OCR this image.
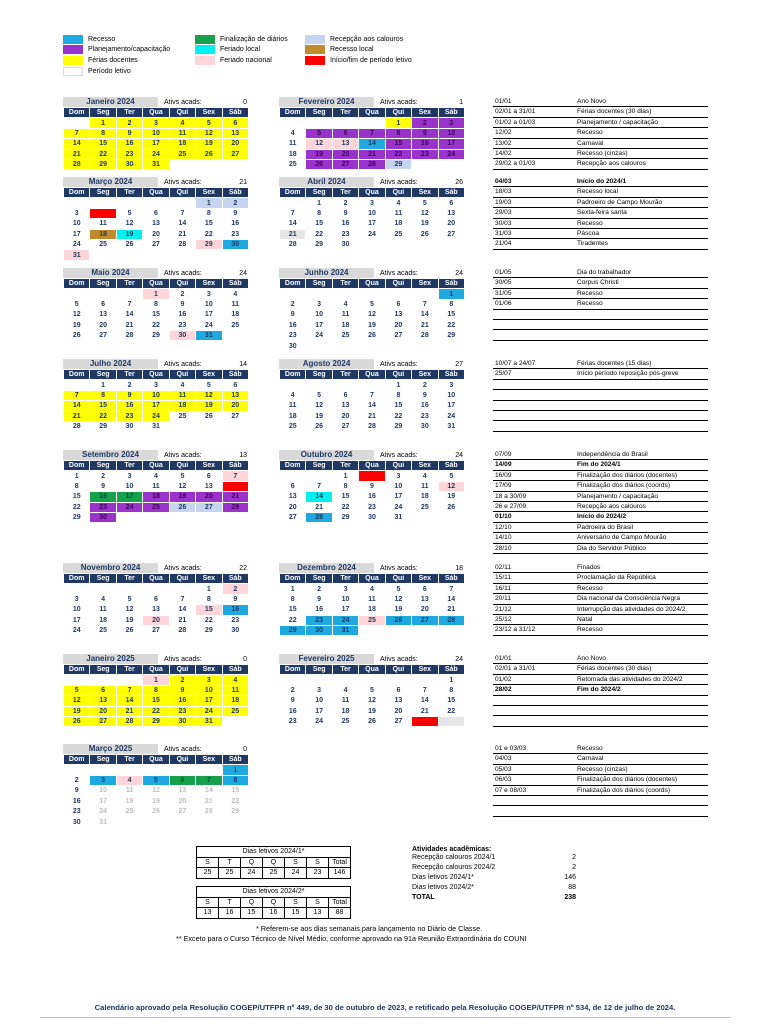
Recesso
Planejamento/capacitação
Férias docentes
Período letivo
Finalização de diários
Feriado local
Feriado nacional
Recepção aos calouros
Recesso local
Início/fim de período letivo
Janeiro 2024	Ativs acads:	0
Dom	Seg	Ter	Qua	Qui	Sex	Sáb
	1	2	3	4	5	6
7	8	9	10	11	12	13
14	15	16	17	18	19	20
21	22	23	24	25	26	27
28	29	30	31			
Fevereiro 2024	Ativs acads:	1
Dom	Seg	Ter	Qua	Qui	Sex	Sáb
				1	2	3
4	5	6	7	8	9	10
11	12	13	14	15	16	17
18	19	20	21	22	23	24
25	26	27	28	29		
Março 2024	Ativs acads:	21
Dom	Seg	Ter	Qua	Qui	Sex	Sáb
					1	2
3	4	5	6	7	8	9
10	11	12	13	14	15	16
17	18	19	20	21	22	23
24	25	26	27	28	29	30
31						
Abril 2024	Ativs acads:	26
Dom	Seg	Ter	Qua	Qui	Sex	Sáb
	1	2	3	4	5	6
7	8	9	10	11	12	13
14	15	16	17	18	19	20
21	22	23	24	25	26	27
28	29	30				
Maio 2024	Ativs acads:	24
Dom	Seg	Ter	Qua	Qui	Sex	Sáb
			1	2	3	4
5	6	7	8	9	10	11
12	13	14	15	16	17	18
19	20	21	22	23	24	25
26	27	28	29	30	31	
Junho 2024	Ativs acads:	24
Dom	Seg	Ter	Qua	Qui	Sex	Sáb
						1
2	3	4	5	6	7	8
9	10	11	12	13	14	15
16	17	18	19	20	21	22
23	24	25	26	27	28	29
30						
Julho 2024	Ativs acads:	14
Dom	Seg	Ter	Qua	Qui	Sex	Sáb
	1	2	3	4	5	6
7	8	9	10	11	12	13
14	15	16	17	18	19	20
21	22	23	24	25	26	27
28	29	30	31			
Agosto 2024	Ativs acads:	27
Dom	Seg	Ter	Qua	Qui	Sex	Sáb
				1	2	3
4	5	6	7	8	9	10
11	12	13	14	15	16	17
18	19	20	21	22	23	24
25	26	27	28	29	30	31
Setembro 2024	Ativs acads:	13
Dom	Seg	Ter	Qua	Qui	Sex	Sáb
1	2	3	4	5	6	7
8	9	10	11	12	13	14
15	16	17	18	19	20	21
22	23	24	25	26	27	28
29	30					
Outubro 2024	Ativs acads:	24
Dom	Seg	Ter	Qua	Qui	Sex	Sáb
		1	2	3	4	5
6	7	8	9	10	11	12
13	14	15	16	17	18	19
20	21	22	23	24	25	26
27	28	29	30	31		
Novembro 2024	Ativs acads:	22
Dom	Seg	Ter	Qua	Qui	Sex	Sáb
					1	2
3	4	5	6	7	8	9
10	11	12	13	14	15	16
17	18	19	20	21	22	23
24	25	26	27	28	29	30
Dezembro 2024	Ativs acads:	18
Dom	Seg	Ter	Qua	Qui	Sex	Sáb
1	2	3	4	5	6	7
8	9	10	11	12	13	14
15	16	17	18	19	20	21
22	23	24	25	26	27	28
29	30	31				
Janeiro 2025	Ativs acads:	0
Dom	Seg	Ter	Qua	Qui	Sex	Sáb
			1	2	3	4
5	6	7	8	9	10	11
12	13	14	15	16	17	18
19	20	21	22	23	24	25
26	27	28	29	30	31	
Fevereiro 2025	Ativs acads:	24
Dom	Seg	Ter	Qua	Qui	Sex	Sáb
						1
2	3	4	5	6	7	8
9	10	11	12	13	14	15
16	17	18	19	20	21	22
23	24	25	26	27	28	
Março 2025	Ativs acads:	0
Dom	Seg	Ter	Qua	Qui	Sex	Sáb
						1
2	3	4	5	6	7	8
9	10	11	12	13	14	15
16	17	18	19	20	21	22
23	24	25	26	27	28	29
30	31					
01/01	Ano Novo
02/01 a 31/01	Férias docentes (30 dias)
01/02 a 01/03	Planejamento / capacitação
12/02	Recesso
13/02	Carnaval
14/02	Recesso (cinzas)
29/02 a 01/03	Recepção aos calouros
04/03	Início do 2024/1
18/03	Recesso local
19/03	Padroeiro de Campo Mourão
29/03	Sexta-feira santa
30/03	Recesso
31/03	Páscoa
21/04	Tiradentes
01/05	Dia do trabalhador
30/05	Corpus Christi
31/05	Recesso
01/06	Recesso
10/07 a 24/07	Férias docentes (15 dias)
25/07	Início período reposição pós-greve
07/09	Independência do Brasil
14/09	Fim do 2024/1
16/09	Finalização dos diários (docentes)
17/09	Finalização dos diários (coords)
18 a 30/09	Planejamento / capacitação
26 e 27/09	Recepção aos calouros
01/10	Início do 2024/2
12/10	Padroeira do Brasil
14/10	Aniversário de Campo Mourão
28/10	Dia do Servidor Público
02/11	Finados
15/11	Proclamação da República
16/11	Recesso
20/11	Dia nacional da Consciência Negra
21/12	Interrupção das atividades do 2024/2
25/12	Natal
23/12 a 31/12	Recesso
01/01	Ano Novo
02/01 a 31/01	Férias docentes (30 dias)
01/02	Retomada das atividades do 2024/2
28/02	Fim do 2024/2
01 e 03/03	Recesso
04/03	Carnaval
05/03	Recesso (cinzas)
06/03	Finalização dos diários (docentes)
07 e 08/03	Finalização dos diários (coords)
Dias letivos 2024/1*						
S	T	Q	Q	S	S	Total
25	25	24	25	24	23	146
Dias letivos 2024/2*						
S	T	Q	Q	S	S	Total
13	16	15	16	15	13	88
Atividades acadêmicas:
Recepção calouros 2024/1	2
Recepção calouros 2024/2	2
Dias letivos 2024/1*	146
Dias letivos 2024/2*	88
TOTAL	238
* Referem-se aos dias semanais para lançamento no Diário de Classe.
** Exceto para o Curso Técnico de Nível Médio, conforme aprovado na 91a Reunião Extraordinária do COUNI
Calendário aprovado pela Resolução COGEP/UTFPR nº 449, de 30 de outubro de 2023, e retificado pela Resolução COGEP/UTFPR nº 534, de 12 de julho de 2024.
